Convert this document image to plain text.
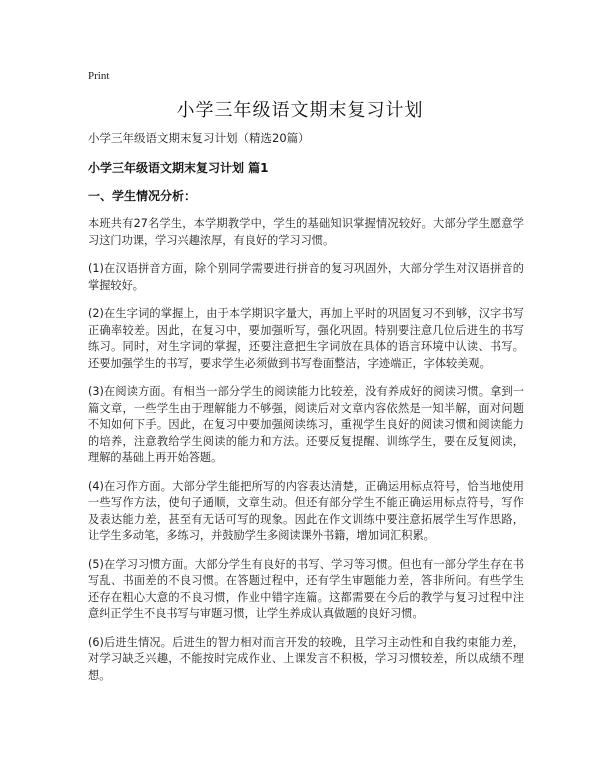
Print
小学三年级语文期末复习计划

小学三年级语文期末复习计划（精选20篇）

小学三年级语文期末复习计划 篇1

一、学生情况分析：

本班共有27名学生，本学期教学中，学生的基础知识掌握情况较好。大部分学生愿意学习这门功课，学习兴趣浓厚，有良好的学习习惯。

(1)在汉语拼音方面，除个别同学需要进行拼音的复习巩固外，大部分学生对汉语拼音的掌握较好。

(2)在生字词的掌握上，由于本学期识字量大，再加上平时的巩固复习不到够，汉字书写正确率较差。因此，在复习中，要加强听写，强化巩固。特别要注意几位后进生的书写练习。同时，对生字词的掌握，还要注意把生字词放在具体的语言环境中认读、书写。还要加强学生的书写，要求学生必须做到书写卷面整洁，字迹端正，字体较美观。

(3)在阅读方面。有相当一部分学生的阅读能力比较差，没有养成好的阅读习惯。拿到一篇文章，一些学生由于理解能力不够强，阅读后对文章内容依然是一知半解，面对问题不知如何下手。因此，在复习中要加强阅读练习，重视学生良好的阅读习惯和阅读能力的培养，注意教给学生阅读的能力和方法。还要反复提醒、训练学生，要在反复阅读，理解的基础上再开始答题。

(4)在习作方面。大部分学生能把所写的内容表达清楚，正确运用标点符号，恰当地使用一些写作方法，使句子通顺，文章生动。但还有部分学生不能正确运用标点符号，写作及表达能力差，甚至有无话可写的现象。因此在作文训练中要注意拓展学生写作思路，让学生多动笔，多练习，并鼓励学生多阅读课外书籍，增加词汇积累。

(5)在学习习惯方面。大部分学生有良好的书写、学习等习惯。但也有一部分学生存在书写乱、书面差的不良习惯。在答题过程中，还有学生审题能力差，答非所问。有些学生还存在粗心大意的不良习惯，作业中错字连篇。这都需要在今后的教学与复习过程中注意纠正学生不良书写与审题习惯，让学生养成认真做题的良好习惯。

(6)后进生情况。后进生的智力相对而言开发的较晚，且学习主动性和自我约束能力差，对学习缺乏兴趣，不能按时完成作业、上课发言不积极，学习习惯较差，所以成绩不理想。
